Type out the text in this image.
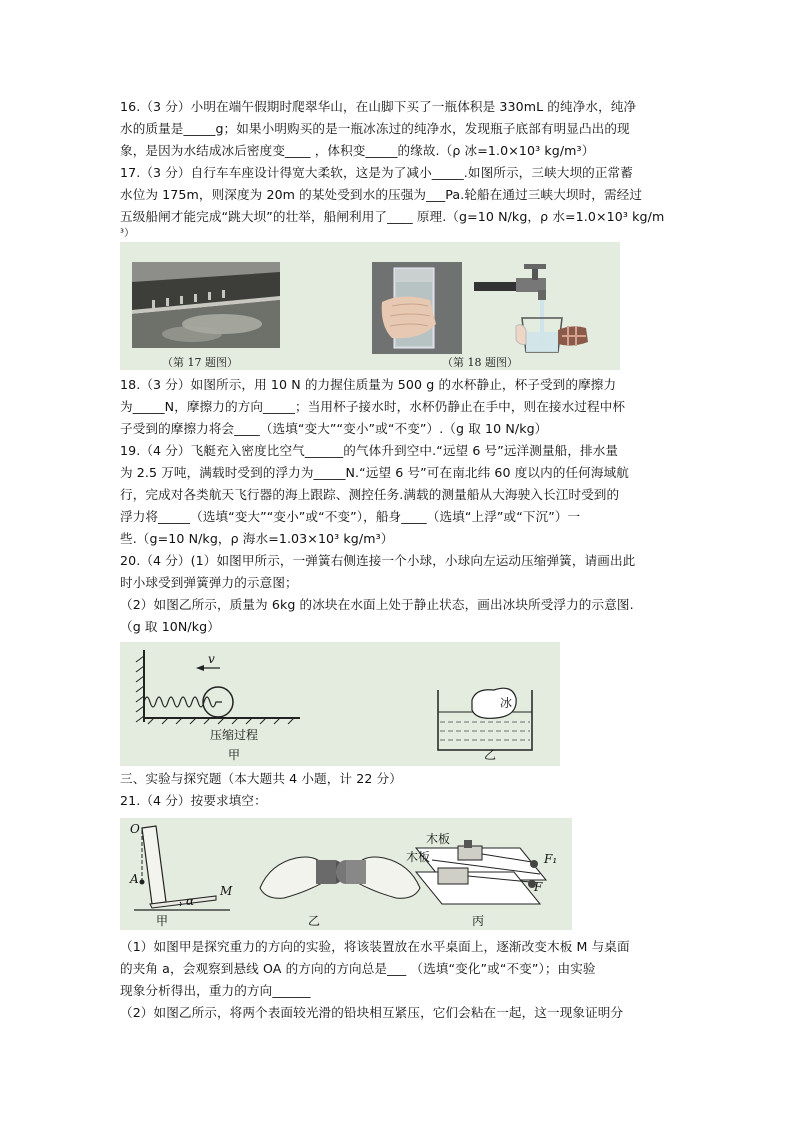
16.（3 分）小明在端午假期时爬翠华山，在山脚下买了一瓶体积是 330mL 的纯净水，纯净

水的质量是_____g；如果小明购买的是一瓶冰冻过的纯净水，发现瓶子底部有明显凸出的现

象，是因为水结成冰后密度变____ ，体积变_____的缘故.（ρ 冰=1.0×10³ kg/m³）

17.（3 分）自行车车座设计得宽大柔软，这是为了减小_____.如图所示，三峡大坝的正常蓄

水位为 175m，则深度为 20m 的某处受到水的压强为___Pa.轮船在通过三峡大坝时，需经过

五级船闸才能完成“跳大坝”的壮举，船闸利用了____ 原理.（g=10 N/kg，ρ 水=1.0×10³ kg/m

³）

（第 17 题图）	（第 18 题图）

18.（3 分）如图所示，用 10 N 的力握住质量为 500 g 的水杯静止，杯子受到的摩擦力

为_____N，摩擦力的方向_____；当用杯子接水时，水杯仍静止在手中，则在接水过程中杯

子受到的摩擦力将会____（选填“变大”“变小”或“不变”）.（g 取 10 N/kg）

19.（4 分）飞艇充入密度比空气______的气体升到空中.“远望 6 号”远洋测量船，排水量

为 2.5 万吨，满载时受到的浮力为_____N.“远望 6 号”可在南北纬 60 度以内的任何海域航

行，完成对各类航天飞行器的海上跟踪、测控任务.满载的测量船从大海驶入长江时受到的

浮力将_____（选填“变大”“变小”或“不变”），船身____（选填“上浮”或“下沉”）一

些.（g=10 N/kg，ρ 海水=1.03×10³ kg/m³）

20.（4 分）(1）如图甲所示，一弹簧右侧连接一个小球，小球向左运动压缩弹簧，请画出此

时小球受到弹簧弹力的示意图；

（2）如图乙所示，质量为 6kg 的冰块在水面上处于静止状态，画出冰块所受浮力的示意图.

（g 取 10N/kg）

v
压缩过程
甲
冰
乙

三、实验与探究题（本大题共 4 小题，计 22 分）

21.（4 分）按要求填空：

O
A
M
α
甲	乙	丙
木板
木板	F₁
F

（1）如图甲是探究重力的方向的实验，将该装置放在水平桌面上，逐渐改变木板 M 与桌面

的夹角 a，会观察到悬线 OA 的方向的方向总是___ （选填“变化”或“不变”）；由实验

现象分析得出，重力的方向______

（2）如图乙所示，将两个表面较光滑的铅块相互紧压，它们会粘在一起，这一现象证明分
